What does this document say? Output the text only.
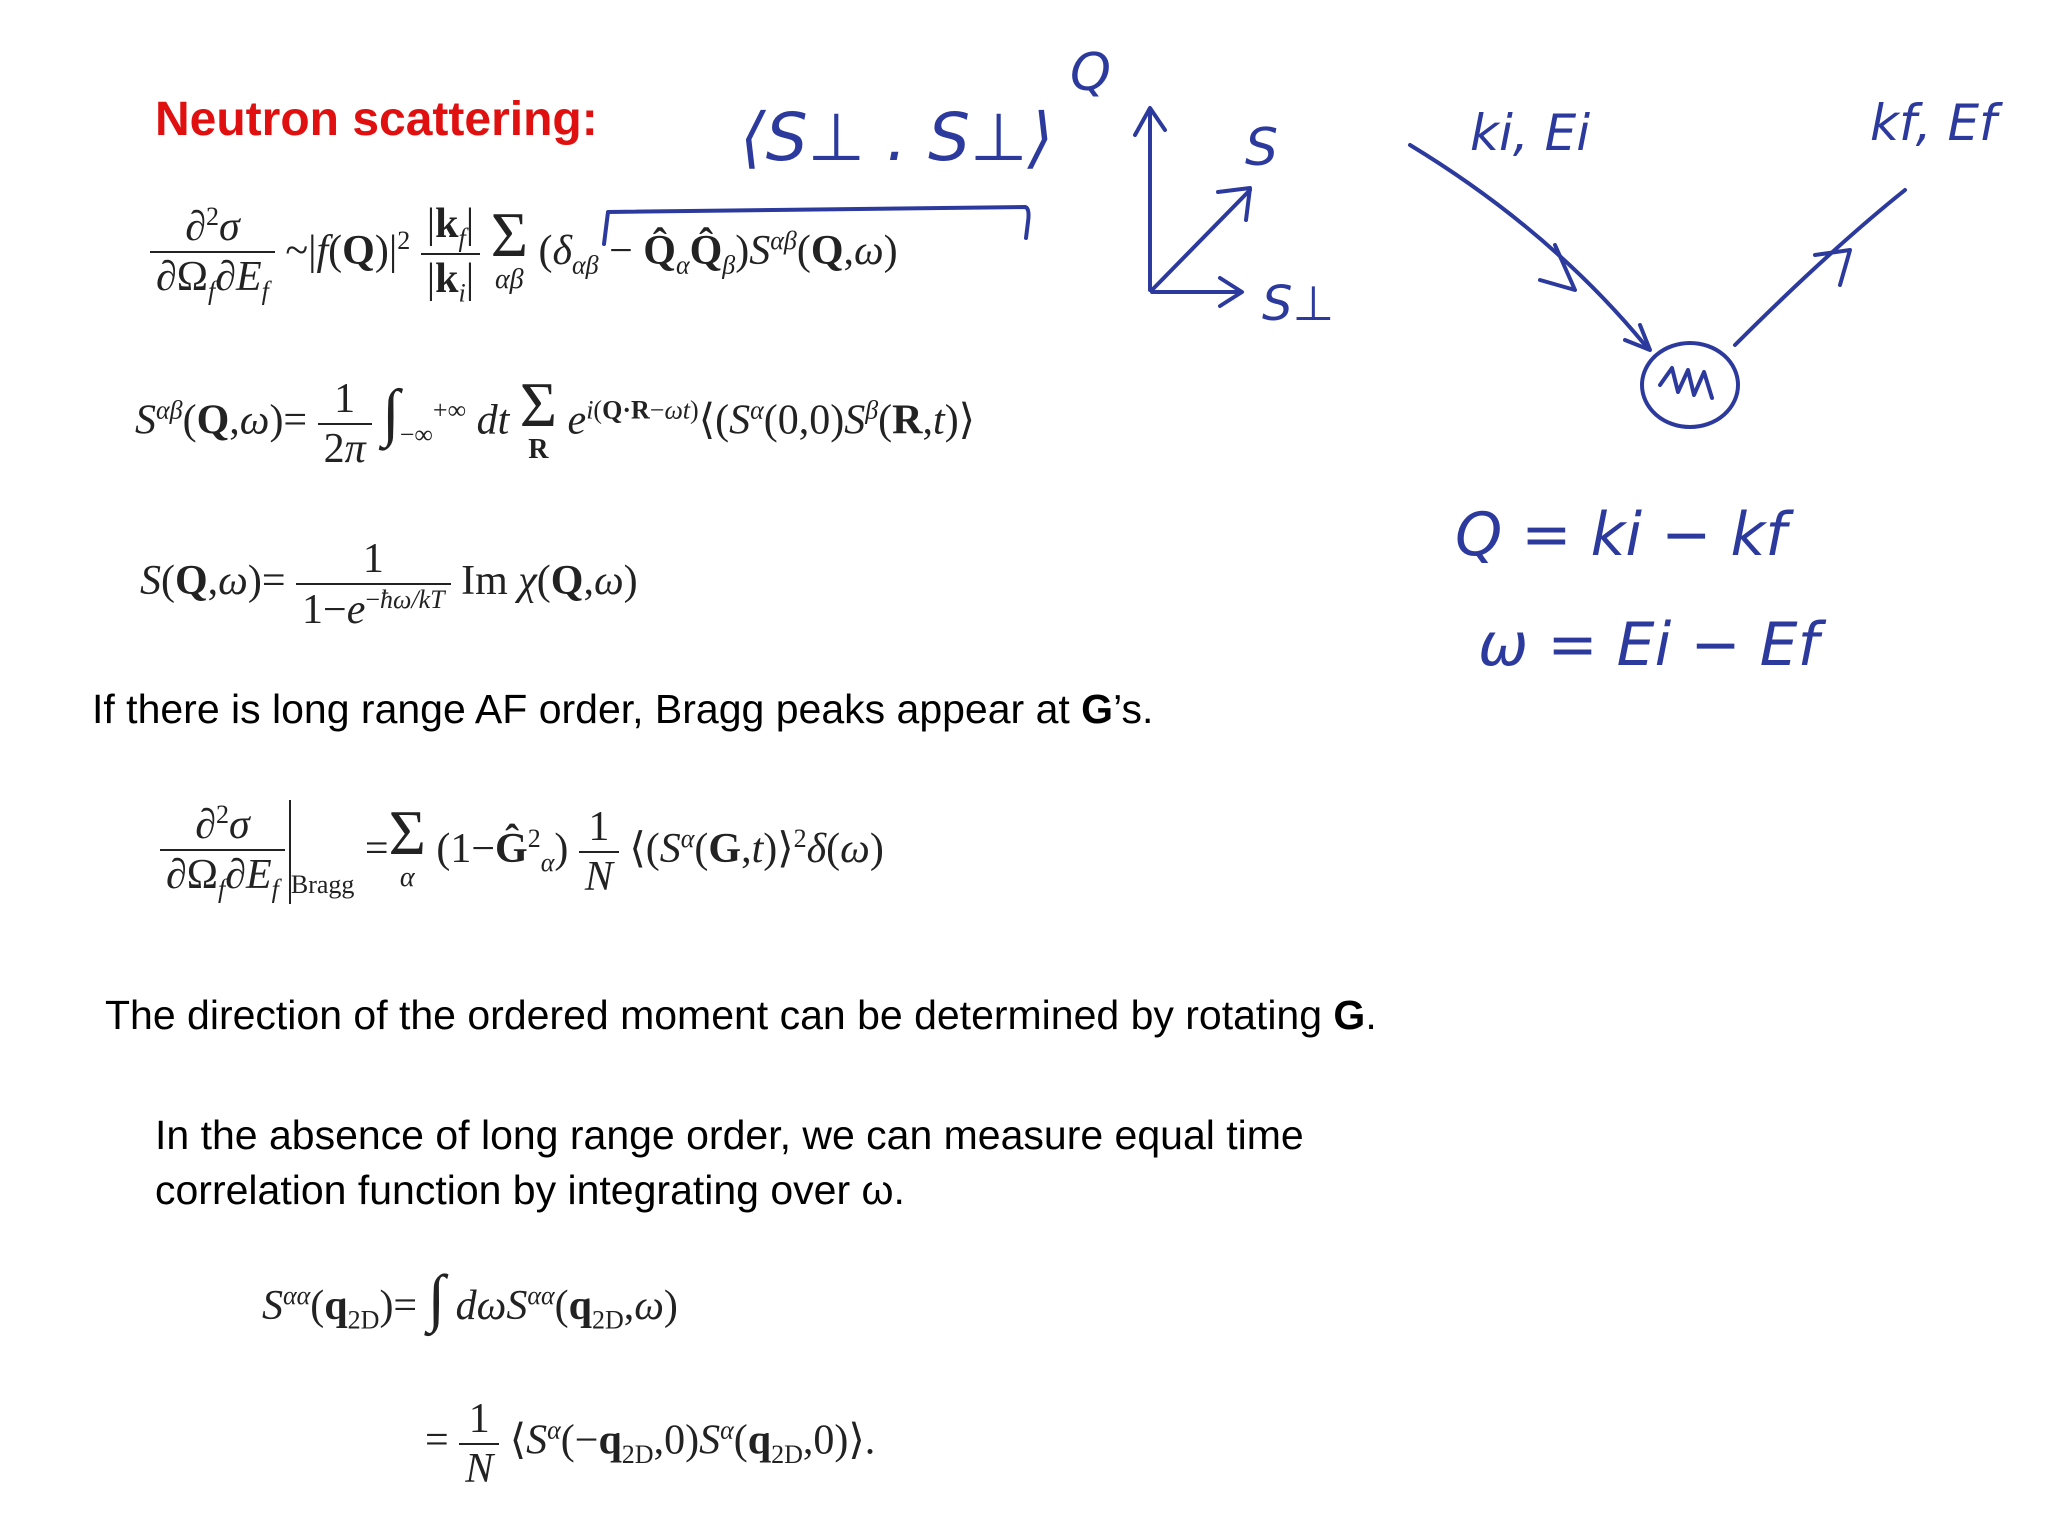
Neutron scattering:
$\frac{\partial^2\sigma}{\partial\Omega_f\partial E_f}$ $\sim|f(Q)|^2 \frac{|k_f|}{|k_i|}$ Σ
αβ
($\delta_{\alpha\beta}$ − $Q̂_\alpha Q̂_\beta)S^{\alpha\beta}(Q,\omega)$
$S^{\alpha\beta}(Q,\omega)= \frac{1}{2\pi} \int_{-\infty}^{+\infty}$ dt Σ
R
$e^{i(Q\cdot R-\omega t)}⟨(S^\alpha(0,0)S^\beta(R,t)⟩$
$S(Q,\omega)= \frac{1}{1-e^{-ħ\omega/kT}}$ Im χ(Q,ω)
If there is long range AF order, Bragg peaks appear at G’s.
$\frac{\partial^2\sigma}{\partial\Omega_f\partial E_f} _{Bragg} =\Sigma$
α
$(1-Ĝ^2_\alpha) \frac{1}{N}$ $⟨(S^\alpha(G,t)⟩^2\delta(\omega)$
The direction of the ordered moment can be determined by rotating G.
In the absence of long range order, we can measure equal time
correlation function by integrating over ω.
$S^{\alpha\alpha}(q_{2D})=$ ∫ $d\omega S^{\alpha\alpha}(q_{2D},\omega)$
= $\frac{1}{N}$ $⟨S^\alpha(-q_{2D},0)S^\alpha(q_{2D},0)⟩$.
⟨S⊥ . S⊥⟩
Q
S
S⊥
ki, Ei	kf, Ef
Q = ki − kf
ω = Ei − Ef
